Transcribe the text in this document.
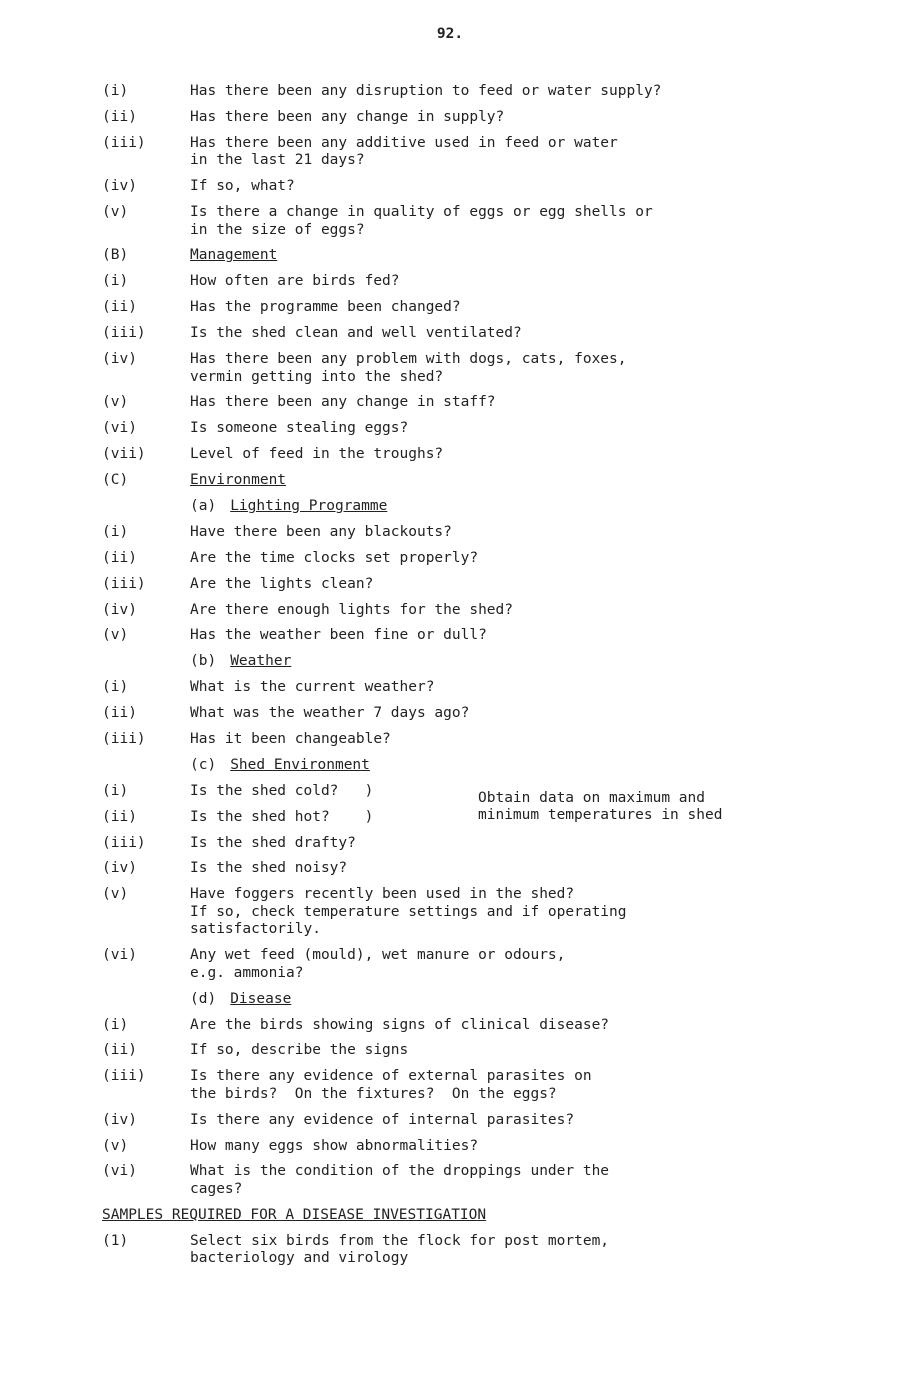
92.
(i)	Has there been any disruption to feed or water supply?
(ii)	Has there been any change in supply?
(iii)	Has there been any additive used in feed or water
in the last 21 days?
(iv)	If so, what?
(v)	Is there a change in quality of eggs or egg shells or
in the size of eggs?
(B)	Management
(i)	How often are birds fed?
(ii)	Has the programme been changed?
(iii)	Is the shed clean and well ventilated?
(iv)	Has there been any problem with dogs, cats, foxes,
vermin getting into the shed?
(v)	Has there been any change in staff?
(vi)	Is someone stealing eggs?
(vii)	Level of feed in the troughs?
(C)	Environment
(a) Lighting Programme
(i)	Have there been any blackouts?
(ii)	Are the time clocks set properly?
(iii)	Are the lights clean?
(iv)	Are there enough lights for the shed?
(v)	Has the weather been fine or dull?
(b) Weather
(i)	What is the current weather?
(ii)	What was the weather 7 days ago?
(iii)	Has it been changeable?
(c) Shed Environment
Obtain data on maximum and
minimum temperatures in shed
(i)	Is the shed cold?   )
(ii)	Is the shed hot?    )
(iii)	Is the shed drafty?
(iv)	Is the shed noisy?
(v)	Have foggers recently been used in the shed?
If so, check temperature settings and if operating
satisfactorily.
(vi)	Any wet feed (mould), wet manure or odours,
e.g. ammonia?
(d) Disease
(i)	Are the birds showing signs of clinical disease?
(ii)	If so, describe the signs
(iii)	Is there any evidence of external parasites on
the birds?  On the fixtures?  On the eggs?
(iv)	Is there any evidence of internal parasites?
(v)	How many eggs show abnormalities?
(vi)	What is the condition of the droppings under the
cages?
SAMPLES REQUIRED FOR A DISEASE INVESTIGATION
(1)	Select six birds from the flock for post mortem,
bacteriology and virology
